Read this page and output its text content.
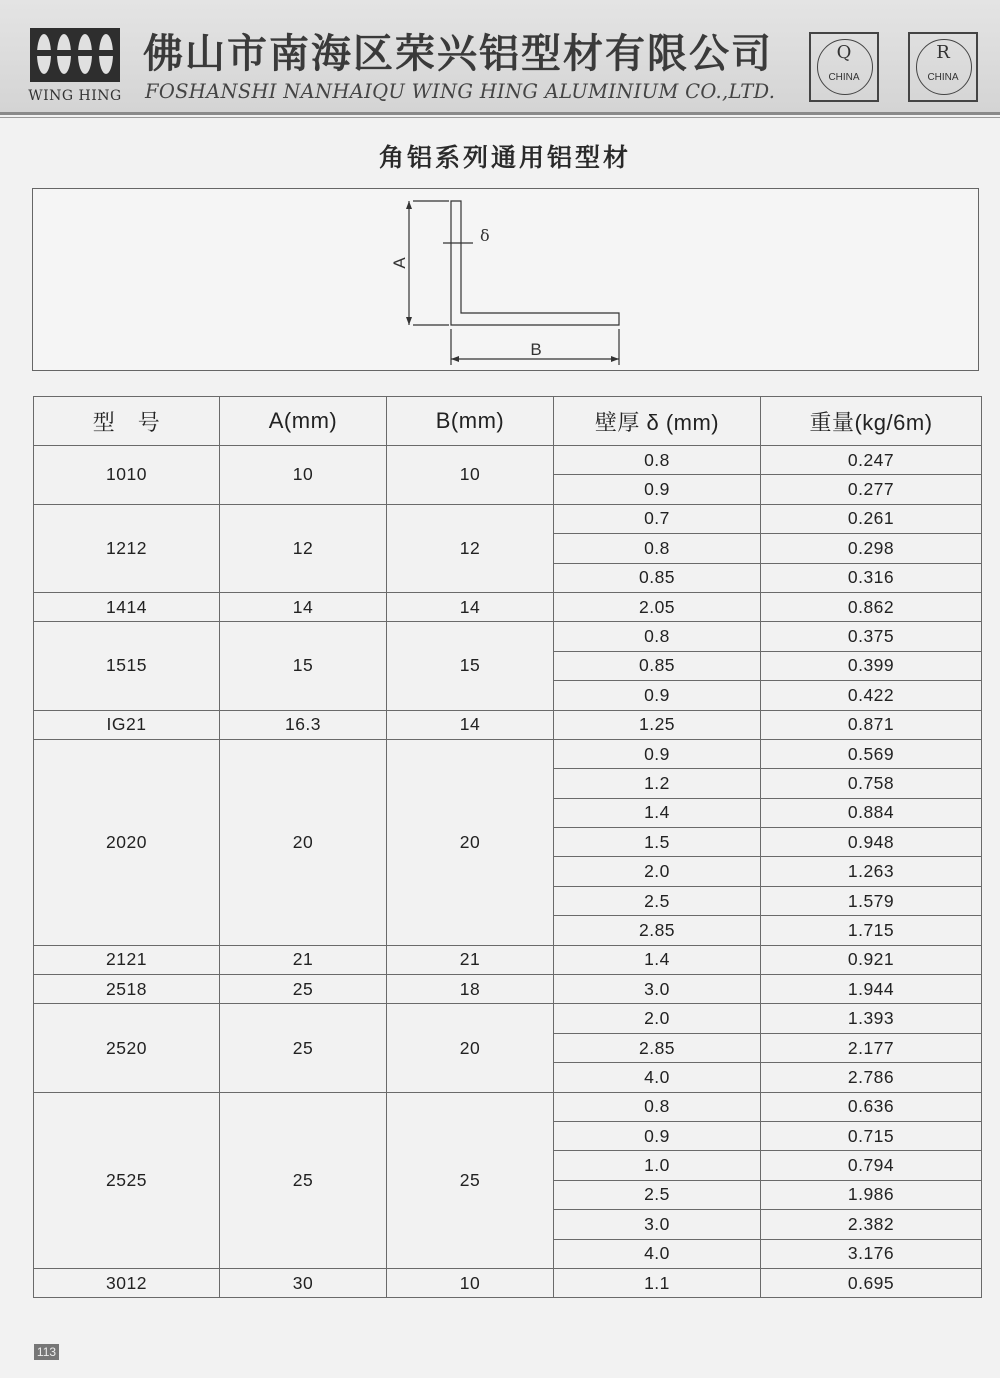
WING HING
佛山市南海区荣兴铝型材有限公司
FOSHANSHI NANHAIQU WING HING ALUMINIUM CO.,LTD.
Q
CHINA
R
CHINA
角铝系列通用铝型材
A
B
δ
型　号	A(mm)	B(mm)	壁厚 δ (mm)	重量(kg/6m)
1010	10	10	0.8	0.247
			0.9	0.277
1212	12	12	0.7	0.261
			0.8	0.298
			0.85	0.316
1414	14	14	2.05	0.862
1515	15	15	0.8	0.375
			0.85	0.399
			0.9	0.422
IG21	16.3	14	1.25	0.871
2020	20	20	0.9	0.569
			1.2	0.758
			1.4	0.884
			1.5	0.948
			2.0	1.263
			2.5	1.579
			2.85	1.715
2121	21	21	1.4	0.921
2518	25	18	3.0	1.944
2520	25	20	2.0	1.393
			2.85	2.177
			4.0	2.786
2525	25	25	0.8	0.636
			0.9	0.715
			1.0	0.794
			2.5	1.986
			3.0	2.382
			4.0	3.176
3012	30	10	1.1	0.695
113
